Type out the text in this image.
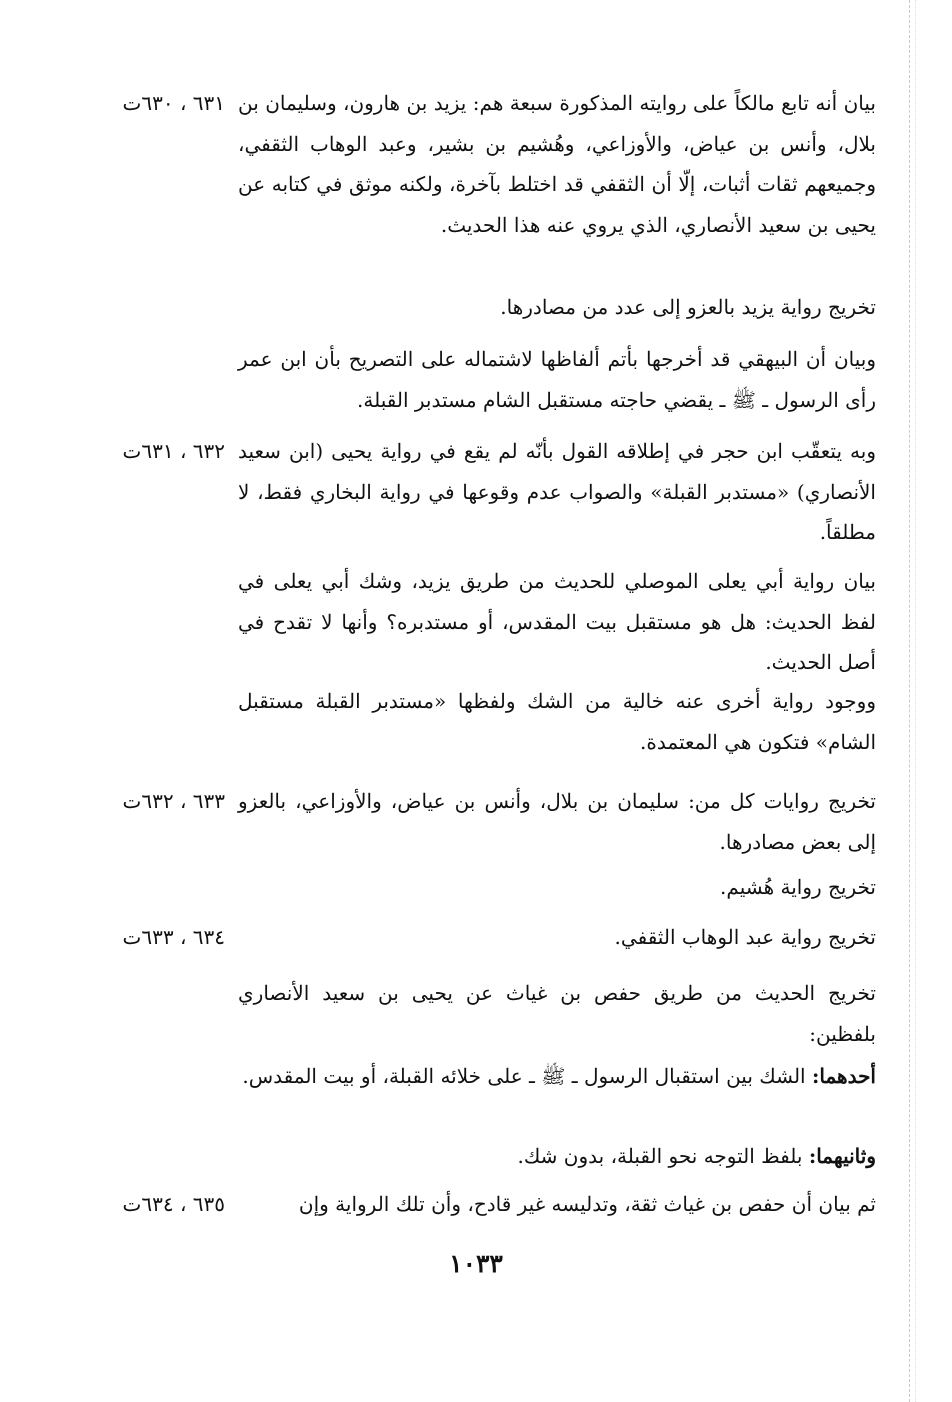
بيان أنه تابع مالكاً على روايته المذكورة سبعة هم: يزيد بن هارون، وسليمان بن بلال، وأنس بن عياض، والأوزاعي، وهُشيم بن بشير، وعبد الوهاب الثقفي، وجميعهم ثقات أثبات، إلّا أن الثقفي قد اختلط بآخرة، ولكنه موثق في كتابه عن يحيى بن سعيد الأنصاري، الذي يروي عنه هذا الحديث.
٦٣١ ، ٦٣٠ت
تخريج رواية يزيد بالعزو إلى عدد من مصادرها.
وبيان أن البيهقي قد أخرجها بأتم ألفاظها لاشتماله على التصريح بأن ابن عمر رأى الرسول ـ ﷺ ـ يقضي حاجته مستقبل الشام مستدبر القبلة.
وبه يتعقّب ابن حجر في إطلاقه القول بأنّه لم يقع في رواية يحيى (ابن سعيد الأنصاري) «مستدبر القبلة» والصواب عدم وقوعها في رواية البخاري فقط، لا مطلقاً.
٦٣٢ ، ٦٣١ت
بيان رواية أبي يعلى الموصلي للحديث من طريق يزيد، وشك أبي يعلى في لفظ الحديث: هل هو مستقبل بيت المقدس، أو مستدبره؟ وأنها لا تقدح في أصل الحديث.
ووجود رواية أخرى عنه خالية من الشك ولفظها «مستدبر القبلة مستقبل الشام» فتكون هي المعتمدة.
تخريج روايات كل من: سليمان بن بلال، وأنس بن عياض، والأوزاعي، بالعزو إلى بعض مصادرها.
٦٣٣ ، ٦٣٢ت
تخريج رواية هُشيم.
تخريج رواية عبد الوهاب الثقفي.
٦٣٤ ، ٦٣٣ت
تخريج الحديث من طريق حفص بن غياث عن يحيى بن سعيد الأنصاري بلفظين:
أحدهما: الشك بين استقبال الرسول ـ ﷺ ـ على خلائه القبلة، أو بيت المقدس.
وثانيهما: بلفظ التوجه نحو القبلة، بدون شك.
ثم بيان أن حفص بن غياث ثقة، وتدليسه غير قادح، وأن تلك الرواية وإن
٦٣٥ ، ٦٣٤ت
١٠٣٣
